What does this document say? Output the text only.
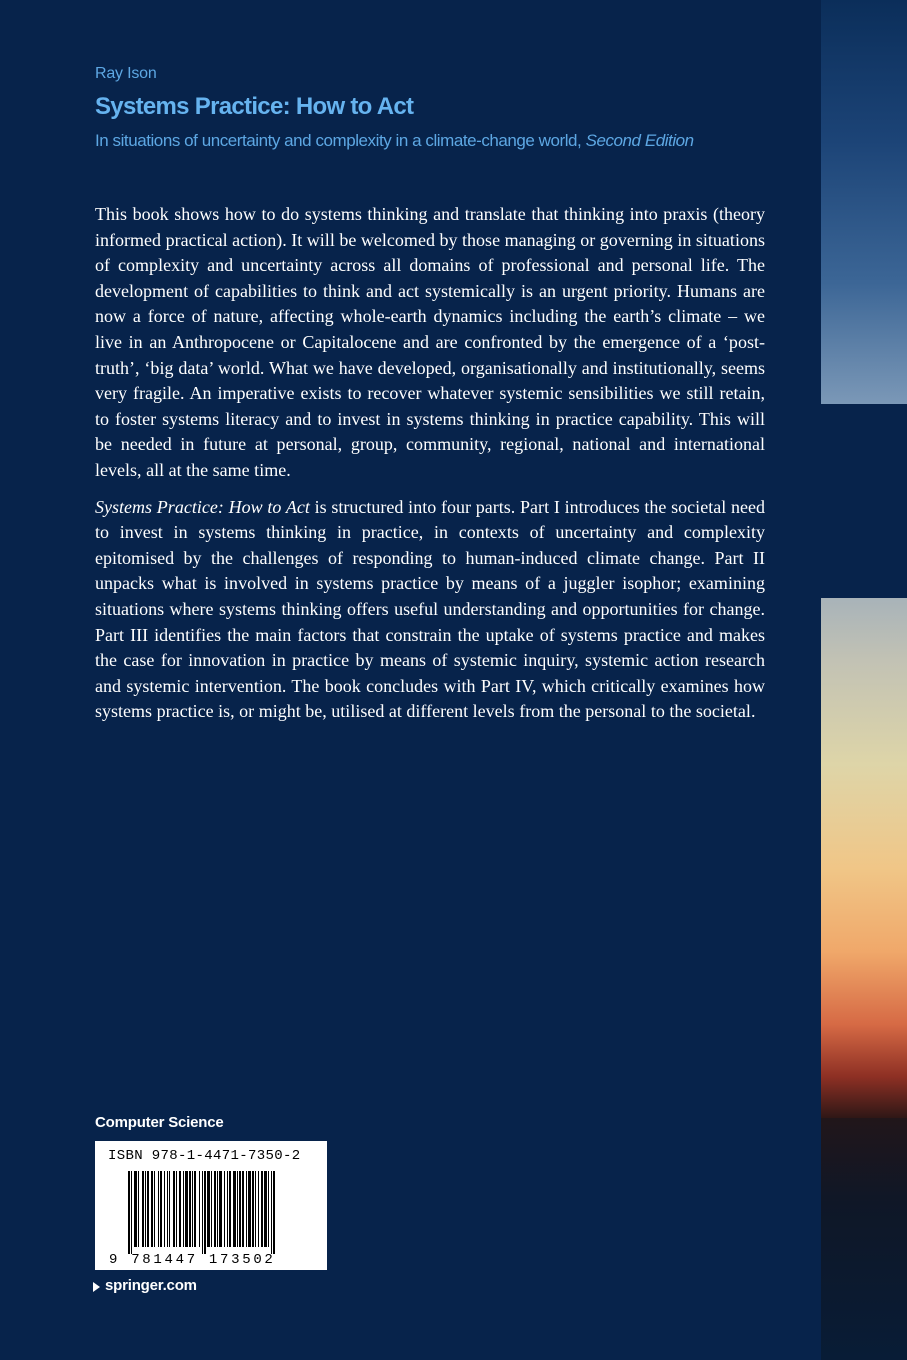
Ray Ison
Systems Practice: How to Act
In situations of uncertainty and complexity in a climate-change world, Second Edition

This book shows how to do systems thinking and translate that thinking into praxis (theory informed practical action). It will be welcomed by those managing or governing in situations of complexity and uncertainty across all domains of professional and personal life. The development of capabilities to think and act systemically is an urgent priority. Humans are now a force of nature, affecting whole-earth dynamics including the earth’s climate – we live in an Anthropocene or Capitalocene and are confronted by the emergence of a ‘post-truth’, ‘big data’ world. What we have developed, organisationally and institutionally, seems very fragile. An imperative exists to recover whatever systemic sensibilities we still retain, to foster systems literacy and to invest in systems thinking in practice capability. This will be needed in future at personal, group, community, regional, national and international levels, all at the same time.

Systems Practice: How to Act is structured into four parts. Part I introduces the societal need to invest in systems thinking in practice, in contexts of uncertainty and complexity epitomised by the challenges of responding to human-induced climate change. Part II unpacks what is involved in systems practice by means of a juggler isophor; examining situations where systems thinking offers useful understanding and opportunities for change. Part III identifies the main factors that constrain the uptake of systems practice and makes the case for innovation in practice by means of systemic inquiry, systemic action research and systemic intervention. The book concludes with Part IV, which critically examines how systems practice is, or might be, utilised at different levels from the personal to the societal.

Computer Science
ISBN 978-1-4471-7350-2
9 781447 173502
springer.com
